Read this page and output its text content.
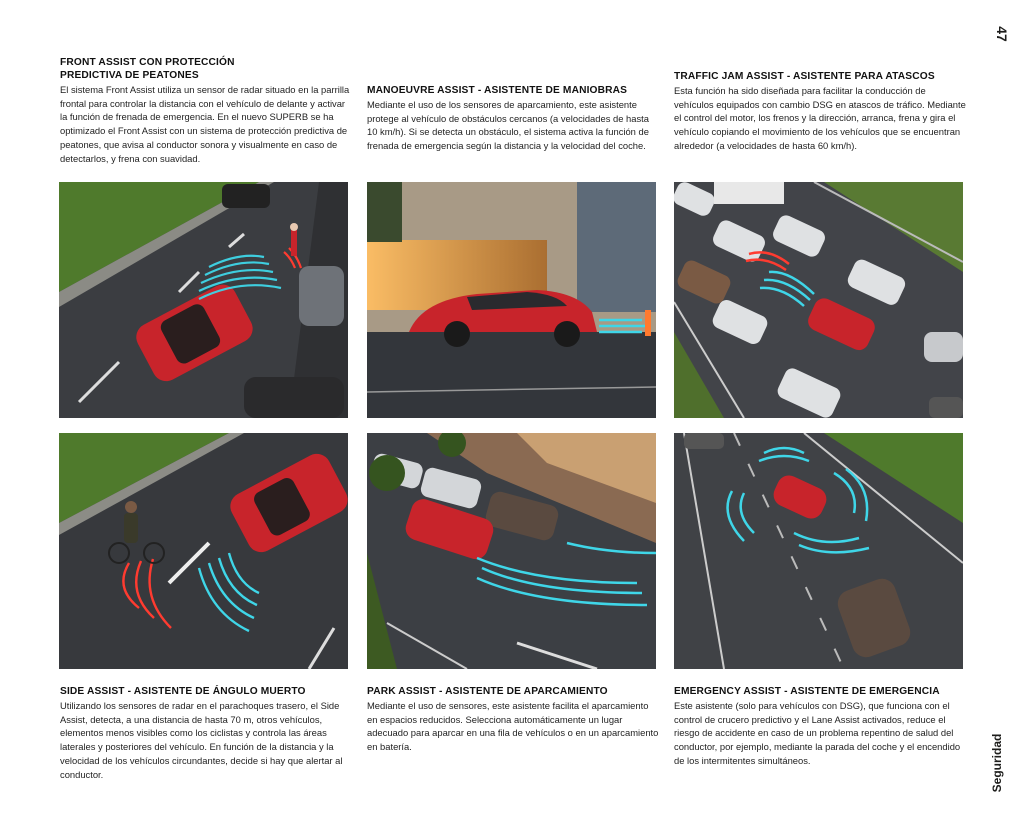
47
Seguridad

FRONT ASSIST CON PROTECCIÓN PREDICTIVA DE PEATONES

El sistema Front Assist utiliza un sensor de radar situado en la parrilla frontal para controlar la distancia con el vehículo de delante y activar la función de frenada de emergencia. En el nuevo SUPERB se ha optimizado el Front Assist con un sistema de protección predictiva de peatones, que avisa al conductor sonora y visualmente en caso de detectarlos, y frena con suavidad.

MANOEUVRE ASSIST - ASISTENTE DE MANIOBRAS

Mediante el uso de los sensores de aparcamiento, este asistente protege al vehículo de obstáculos cercanos (a velocidades de hasta 10 km/h). Si se detecta un obstáculo, el sistema activa la función de frenada de emergencia según la distancia y la velocidad del coche.

TRAFFIC JAM ASSIST - ASISTENTE PARA ATASCOS

Esta función ha sido diseñada para facilitar la conducción de vehículos equipados con cambio DSG en atascos de tráfico. Mediante el control del motor, los frenos y la dirección, arranca, frena y gira el vehículo copiando el movimiento de los vehículos que se encuentran alrededor (a velocidades de hasta 60 km/h).

SIDE ASSIST - ASISTENTE DE ÁNGULO MUERTO

Utilizando los sensores de radar en el parachoques trasero, el Side Assist, detecta, a una distancia de hasta 70 m, otros vehículos, elementos menos visibles como los ciclistas y controla las áreas laterales y posteriores del vehículo. En función de la distancia y la velocidad de los vehículos circundantes, decide si hay que alertar al conductor.

PARK ASSIST - ASISTENTE DE APARCAMIENTO

Mediante el uso de sensores, este asistente facilita el aparcamiento en espacios reducidos. Selecciona automáticamente un lugar adecuado para aparcar en una fila de vehículos o en un aparcamiento en batería.

EMERGENCY ASSIST - ASISTENTE DE EMERGENCIA

Este asistente (solo para vehículos con DSG), que funciona con el control de crucero predictivo y el Lane Assist activados, reduce el riesgo de accidente en caso de un problema repentino de salud del conductor, por ejemplo, mediante la parada del coche y el encendido de los intermitentes simultáneos.
